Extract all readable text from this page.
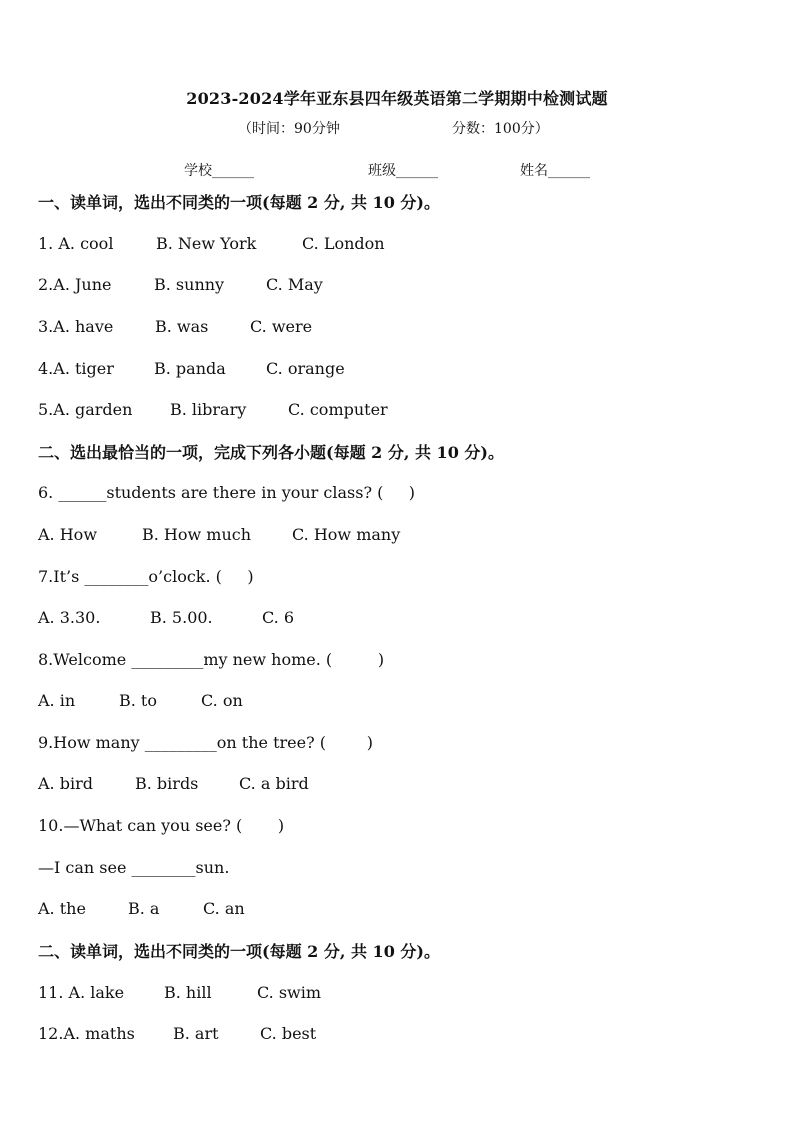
2023-2024学年亚东县四年级英语第二学期期中检测试题
（时间：90分钟	分数：100分）
学校______	班级______	姓名______
一、读单词，选出不同类的一项(每题 2 分, 共 10 分)。
1. A. cool	B. New York	C. London
2.A. June	B. sunny	C. May
3.A. have	B. was	C. were
4.A. tiger	B. panda	C. orange
5.A. garden B. library	C. computer
二、选出最恰当的一项，完成下列各小题(每题 2 分, 共 10 分)。
6. ______students are there in your class? (     )
A. How	B. How much	C. How many
7.It’s ________o’clock. (     )
A. 3.30.	B. 5.00.	C. 6
8.Welcome _________my new home. (         )
A. in	B. to	C. on
9.How many _________on the tree? (        )
A. bird	B. birds	C. a bird
10.—What can you see? (       )
—I can see ________sun.
A. the	B. a	C. an
二、读单词，选出不同类的一项(每题 2 分, 共 10 分)。
11. A. lake B. hill	C. swim
12.A. maths B. art	C. best
